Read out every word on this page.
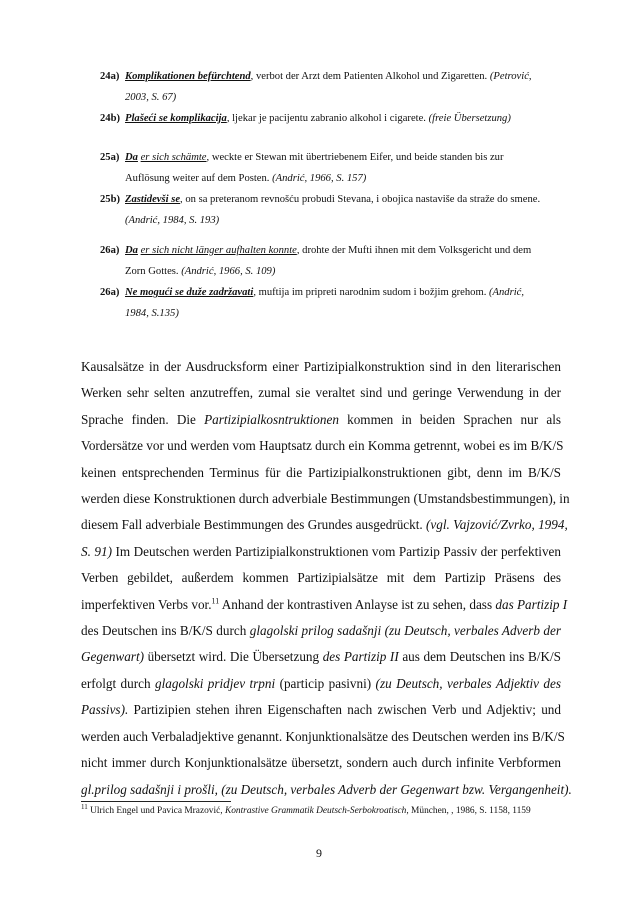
24a) Komplikationen befürchtend, verbot der Arzt dem Patienten Alkohol und Zigaretten. (Petrović,
2003, S. 67)
24b) Plašeći se komplikacija, ljekar je pacijentu zabranio alkohol i cigarete. (freie Übersetzung)
25a) Da er sich schämte, weckte er Stewan mit übertriebenem Eifer, und beide standen bis zur
Auflösung weiter auf dem Posten. (Andrić, 1966, S. 157)
25b) Zastidevši se, on sa preteranom revnošću probudi Stevana, i obojica nastaviše da straže do smene.
(Andrić, 1984, S. 193)
26a) Da er sich nicht länger aufhalten konnte, drohte der Mufti ihnen mit dem Volksgericht und dem
Zorn Gottes. (Andrić, 1966, S. 109)
26a) Ne mogući se duže zadržavati, muftija im pripreti narodnim sudom i božjim grehom. (Andrić,
1984, S.135)
Kausalsätze in der Ausdrucksform einer Partizipialkonstruktion sind in den literarischen
Werken sehr selten anzutreffen, zumal sie veraltet sind und geringe Verwendung in der
Sprache finden. Die Partizipialkosntruktionen kommen in beiden Sprachen nur als
Vordersätze vor und werden vom Hauptsatz durch ein Komma getrennt, wobei es im B/K/S
keinen entsprechenden Terminus für die Partizipialkonstruktionen gibt, denn im B/K/S
werden diese Konstruktionen durch adverbiale Bestimmungen (Umstandsbestimmungen), in
diesem Fall adverbiale Bestimmungen des Grundes ausgedrückt. (vgl. Vajzović/Zvrko, 1994,
S. 91) Im Deutschen werden Partizipialkonstruktionen vom Partizip Passiv der perfektiven
Verben gebildet, außerdem kommen Partizipialsätze mit dem Partizip Präsens des
imperfektiven Verbs vor.$^{11}$ Anhand der kontrastiven Anlayse ist zu sehen, dass das Partizip I
des Deutschen ins B/K/S durch glagolski prilog sadašnji (zu Deutsch, verbales Adverb der
Gegenwart) übersetzt wird. Die Übersetzung des Partizip II aus dem Deutschen ins B/K/S
erfolgt durch glagolski pridjev trpni (particip pasivni) (zu Deutsch, verbales Adjektiv des
Passivs). Partizipien stehen ihren Eigenschaften nach zwischen Verb und Adjektiv; und
werden auch Verbaladjektive genannt. Konjunktionalsätze des Deutschen werden ins B/K/S
nicht immer durch Konjunktionalsätze übersetzt, sondern auch durch infinite Verbformen
gl.prilog sadašnji i prošli, (zu Deutsch, verbales Adverb der Gegenwart bzw. Vergangenheit).
$^{11}$ Ulrich Engel und Pavica Mrazović, Kontrastive Grammatik Deutsch-Serbokroatisch, München, , 1986, S. 1158, 1159
9
